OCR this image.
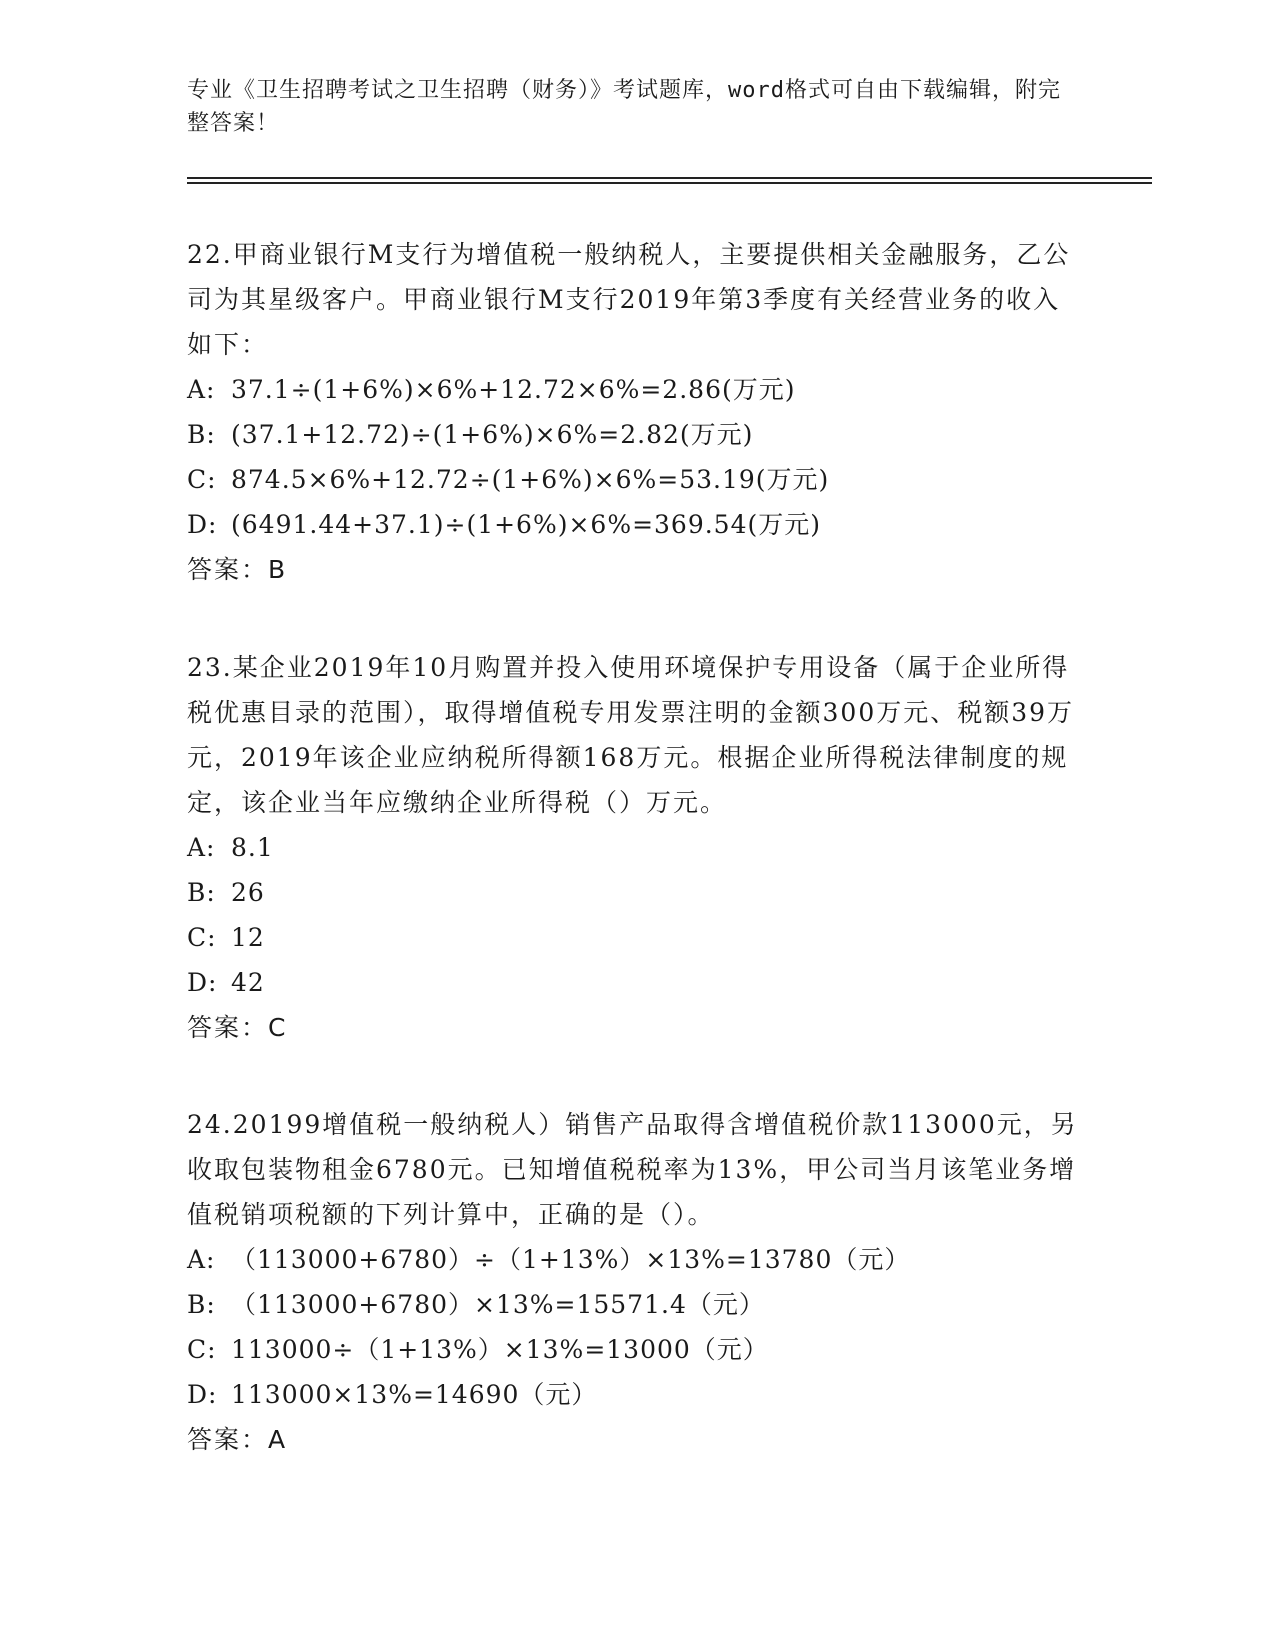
专业《卫生招聘考试之卫生招聘（财务）》考试题库，word格式可自由下载编辑，附完整答案！

22.甲商业银行M支行为增值税一般纳税人，主要提供相关金融服务，乙公司为其星级客户。甲商业银行M支行2019年第3季度有关经营业务的收入如下：

A: 37.1÷(1+6%)×6%+12.72×6%=2.86(万元)

B: (37.1+12.72)÷(1+6%)×6%=2.82(万元)

C: 874.5×6%+12.72÷(1+6%)×6%=53.19(万元)

D: (6491.44+37.1)÷(1+6%)×6%=369.54(万元)

答案：B

23.某企业2019年10月购置并投入使用环境保护专用设备（属于企业所得税优惠目录的范围），取得增值税专用发票注明的金额300万元、税额39万元，2019年该企业应纳税所得额168万元。根据企业所得税法律制度的规定，该企业当年应缴纳企业所得税（）万元。

A: 8.1

B: 26

C: 12

D: 42

答案：C

24.20199增值税一般纳税人）销售产品取得含增值税价款113000元，另收取包装物租金6780元。已知增值税税率为13%，甲公司当月该笔业务增值税销项税额的下列计算中，正确的是（）。

A: （113000+6780）÷（1+13%）×13%=13780（元）

B: （113000+6780）×13%=15571.4（元）

C: 113000÷（1+13%）×13%=13000（元）

D: 113000×13%=14690（元）

答案：A
